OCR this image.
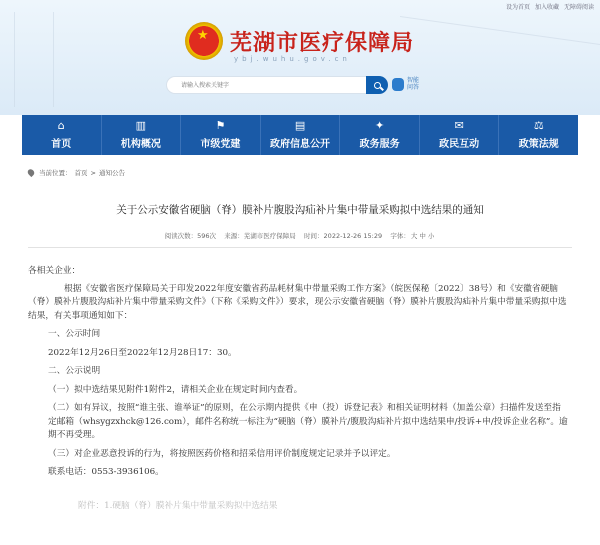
设为首页 加入收藏 无障碍阅读
★ 芜湖市医疗保障局
ybj.wuhu.gov.cn
请输入搜索关键字
智能问答
⌂
首页
▥
机构概况
⚑
市级党建
▤
政府信息公开
✦
政务服务
✉
政民互动
⚖
政策法规
当前位置： 首页 > 通知公告
关于公示安徽省硬脑（脊）膜补片腹股沟疝补片集中带量采购拟中选结果的通知
阅读次数：596次 来源：芜湖市医疗保障局 时间：2022-12-26 15:29 字体：大 中 小

各相关企业：

根据《安徽省医疗保障局关于印发2022年度安徽省药品耗材集中带量采购工作方案》（皖医保秘〔2022〕38号）和《安徽省硬脑（脊）膜补片腹股沟疝补片集中带量采购文件》（下称《采购文件》）要求，现公示安徽省硬脑（脊）膜补片腹股沟疝补片集中带量采购拟中选结果，有关事项通知如下：

一、公示时间

2022年12月26日至2022年12月28日17：30。

二、公示说明

（一）拟中选结果见附件1附件2，请相关企业在规定时间内查看。

（二）如有异议，按照“谁主张、谁举证”的原则，在公示期内提供《申（投）诉登记表》和相关证明材料（加盖公章）扫描件发送至指定邮箱（whsygzxhck@126.com），邮件名称统一标注为“硬脑（脊）膜补片/腹股沟疝补片拟中选结果申/投诉+申/投诉企业名称”。逾期不再受理。

（三）对企业恶意投诉的行为，将按照医药价格和招采信用评价制度规定记录并予以评定。

联系电话：0553-3936106。

附件：1.硬脑（脊）膜补片集中带量采购拟中选结果
